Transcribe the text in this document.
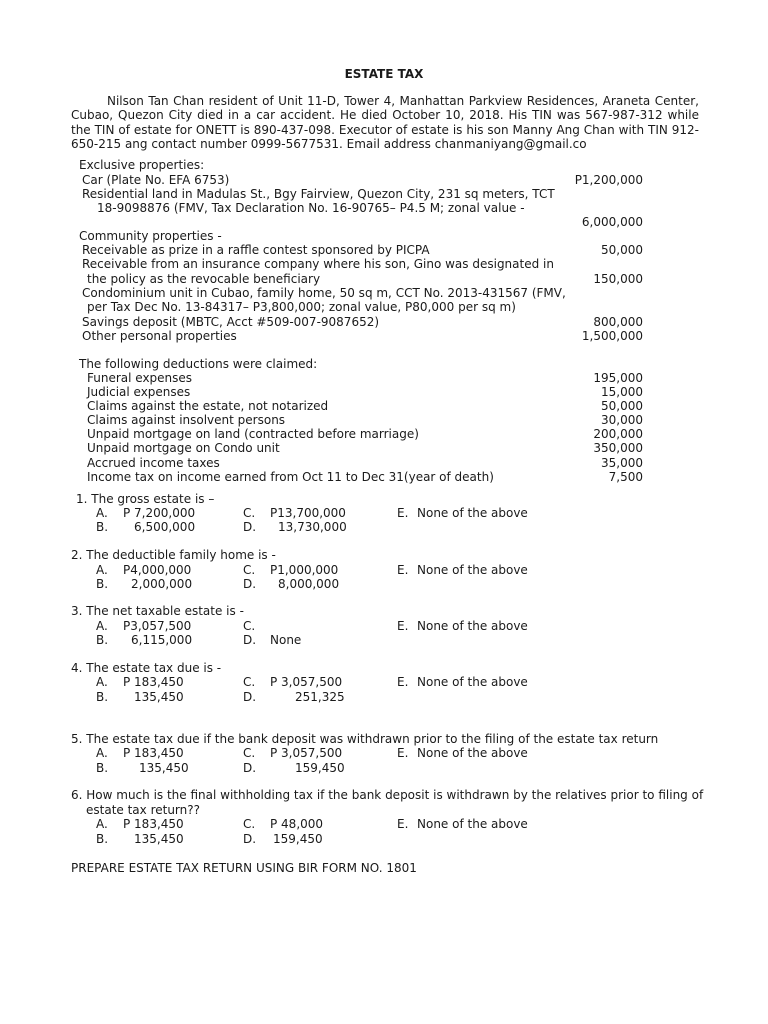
ESTATE TAX
Nilson Tan Chan resident of Unit 11-D, Tower 4, Manhattan Parkview Residences, Araneta Center, Cubao, Quezon City died in a car accident. He died October 10, 2018. His TIN was 567-987-312 while the TIN of estate for ONETT is 890-437-098. Executor of estate is his son Manny Ang Chan with TIN 912-650-215 ang contact number 0999-5677531. Email address chanmaniyang@gmail.co
Exclusive properties:
Car (Plate No. EFA 6753)	P1,200,000
Residential land in Madulas St., Bgy Fairview, Quezon City, 231 sq meters, TCT
18-9098876 (FMV, Tax Declaration No. 16-90765– P4.5 M; zonal value -
6,000,000
Community properties -
Receivable as prize in a raffle contest sponsored by PICPA	50,000
Receivable from an insurance company where his son, Gino was designated in
the policy as the revocable beneficiary	150,000
Condominium unit in Cubao, family home, 50 sq m, CCT No. 2013-431567 (FMV,
per Tax Dec No. 13-84317– P3,800,000; zonal value, P80,000 per sq m)
Savings deposit (MBTC, Acct #509-007-9087652)	800,000
Other personal properties	1,500,000
The following deductions were claimed:
Funeral expenses	195,000
Judicial expenses	15,000
Claims against the estate, not notarized	50,000
Claims against insolvent persons	30,000
Unpaid mortgage on land (contracted before marriage)	200,000
Unpaid mortgage on Condo unit	350,000
Accrued income taxes	35,000
Income tax on income earned from Oct 11 to Dec 31(year of death)	7,500
1. The gross estate is –
A. P 7,200,000	C. P13,700,000	E. None of the above
B. 6,500,000	D. 13,730,000
2. The deductible family home is -
A. P4,000,000	C. P1,000,000	E. None of the above
B. 2,000,000	D. 8,000,000
3. The net taxable estate is -
A. P3,057,500	C.	E. None of the above
B. 6,115,000	D. None
4. The estate tax due is -
A. P 183,450	C. P 3,057,500	E. None of the above
B. 135,450	D.	251,325
5. The estate tax due if the bank deposit was withdrawn prior to the filing of the estate tax return
A. P 183,450	C. P 3,057,500	E. None of the above
B.	135,450	D.	159,450
6. How much is the final withholding tax if the bank deposit is withdrawn by the relatives prior to filing of
estate tax return??
A. P 183,450	C. P 48,000	E. None of the above
B. 135,450	D. 159,450
PREPARE ESTATE TAX RETURN USING BIR FORM NO. 1801
